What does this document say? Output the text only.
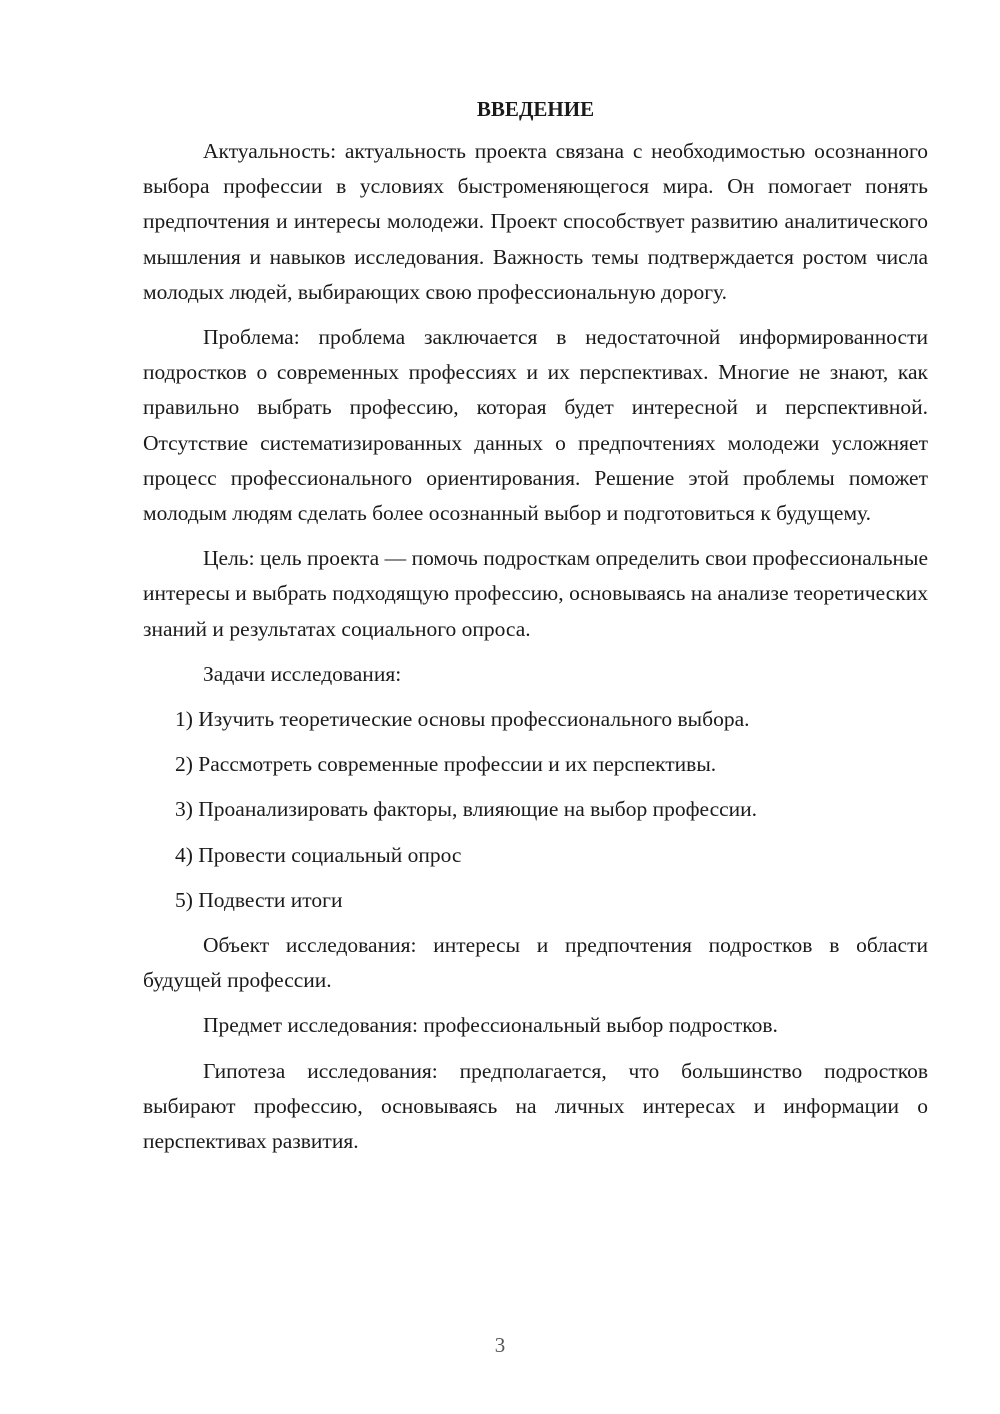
ВВЕДЕНИЕ

Актуальность: актуальность проекта связана с необходимостью осознанного выбора профессии в условиях быстроменяющегося мира. Он помогает понять предпочтения и интересы молодежи. Проект способствует развитию аналитического мышления и навыков исследования. Важность темы подтверждается ростом числа молодых людей, выбирающих свою профессиональную дорогу.

Проблема: проблема заключается в недостаточной информированности подростков о современных профессиях и их перспективах. Многие не знают, как правильно выбрать профессию, которая будет интересной и перспективной. Отсутствие систематизированных данных о предпочтениях молодежи усложняет процесс профессионального ориентирования. Решение этой проблемы поможет молодым людям сделать более осознанный выбор и подготовиться к будущему.

Цель: цель проекта — помочь подросткам определить свои профессиональные интересы и выбрать подходящую профессию, основываясь на анализе теоретических знаний и результатах социального опроса.

Задачи исследования:

1) Изучить теоретические основы профессионального выбора.
2) Рассмотреть современные профессии и их перспективы.
3) Проанализировать факторы, влияющие на выбор профессии.
4) Провести социальный опрос
5) Подвести итоги

Объект исследования: интересы и предпочтения подростков в области будущей профессии.

Предмет исследования: профессиональный выбор подростков.

Гипотеза исследования: предполагается, что большинство подростков выбирают профессию, основываясь на личных интересах и информации о перспективах развития.

3
